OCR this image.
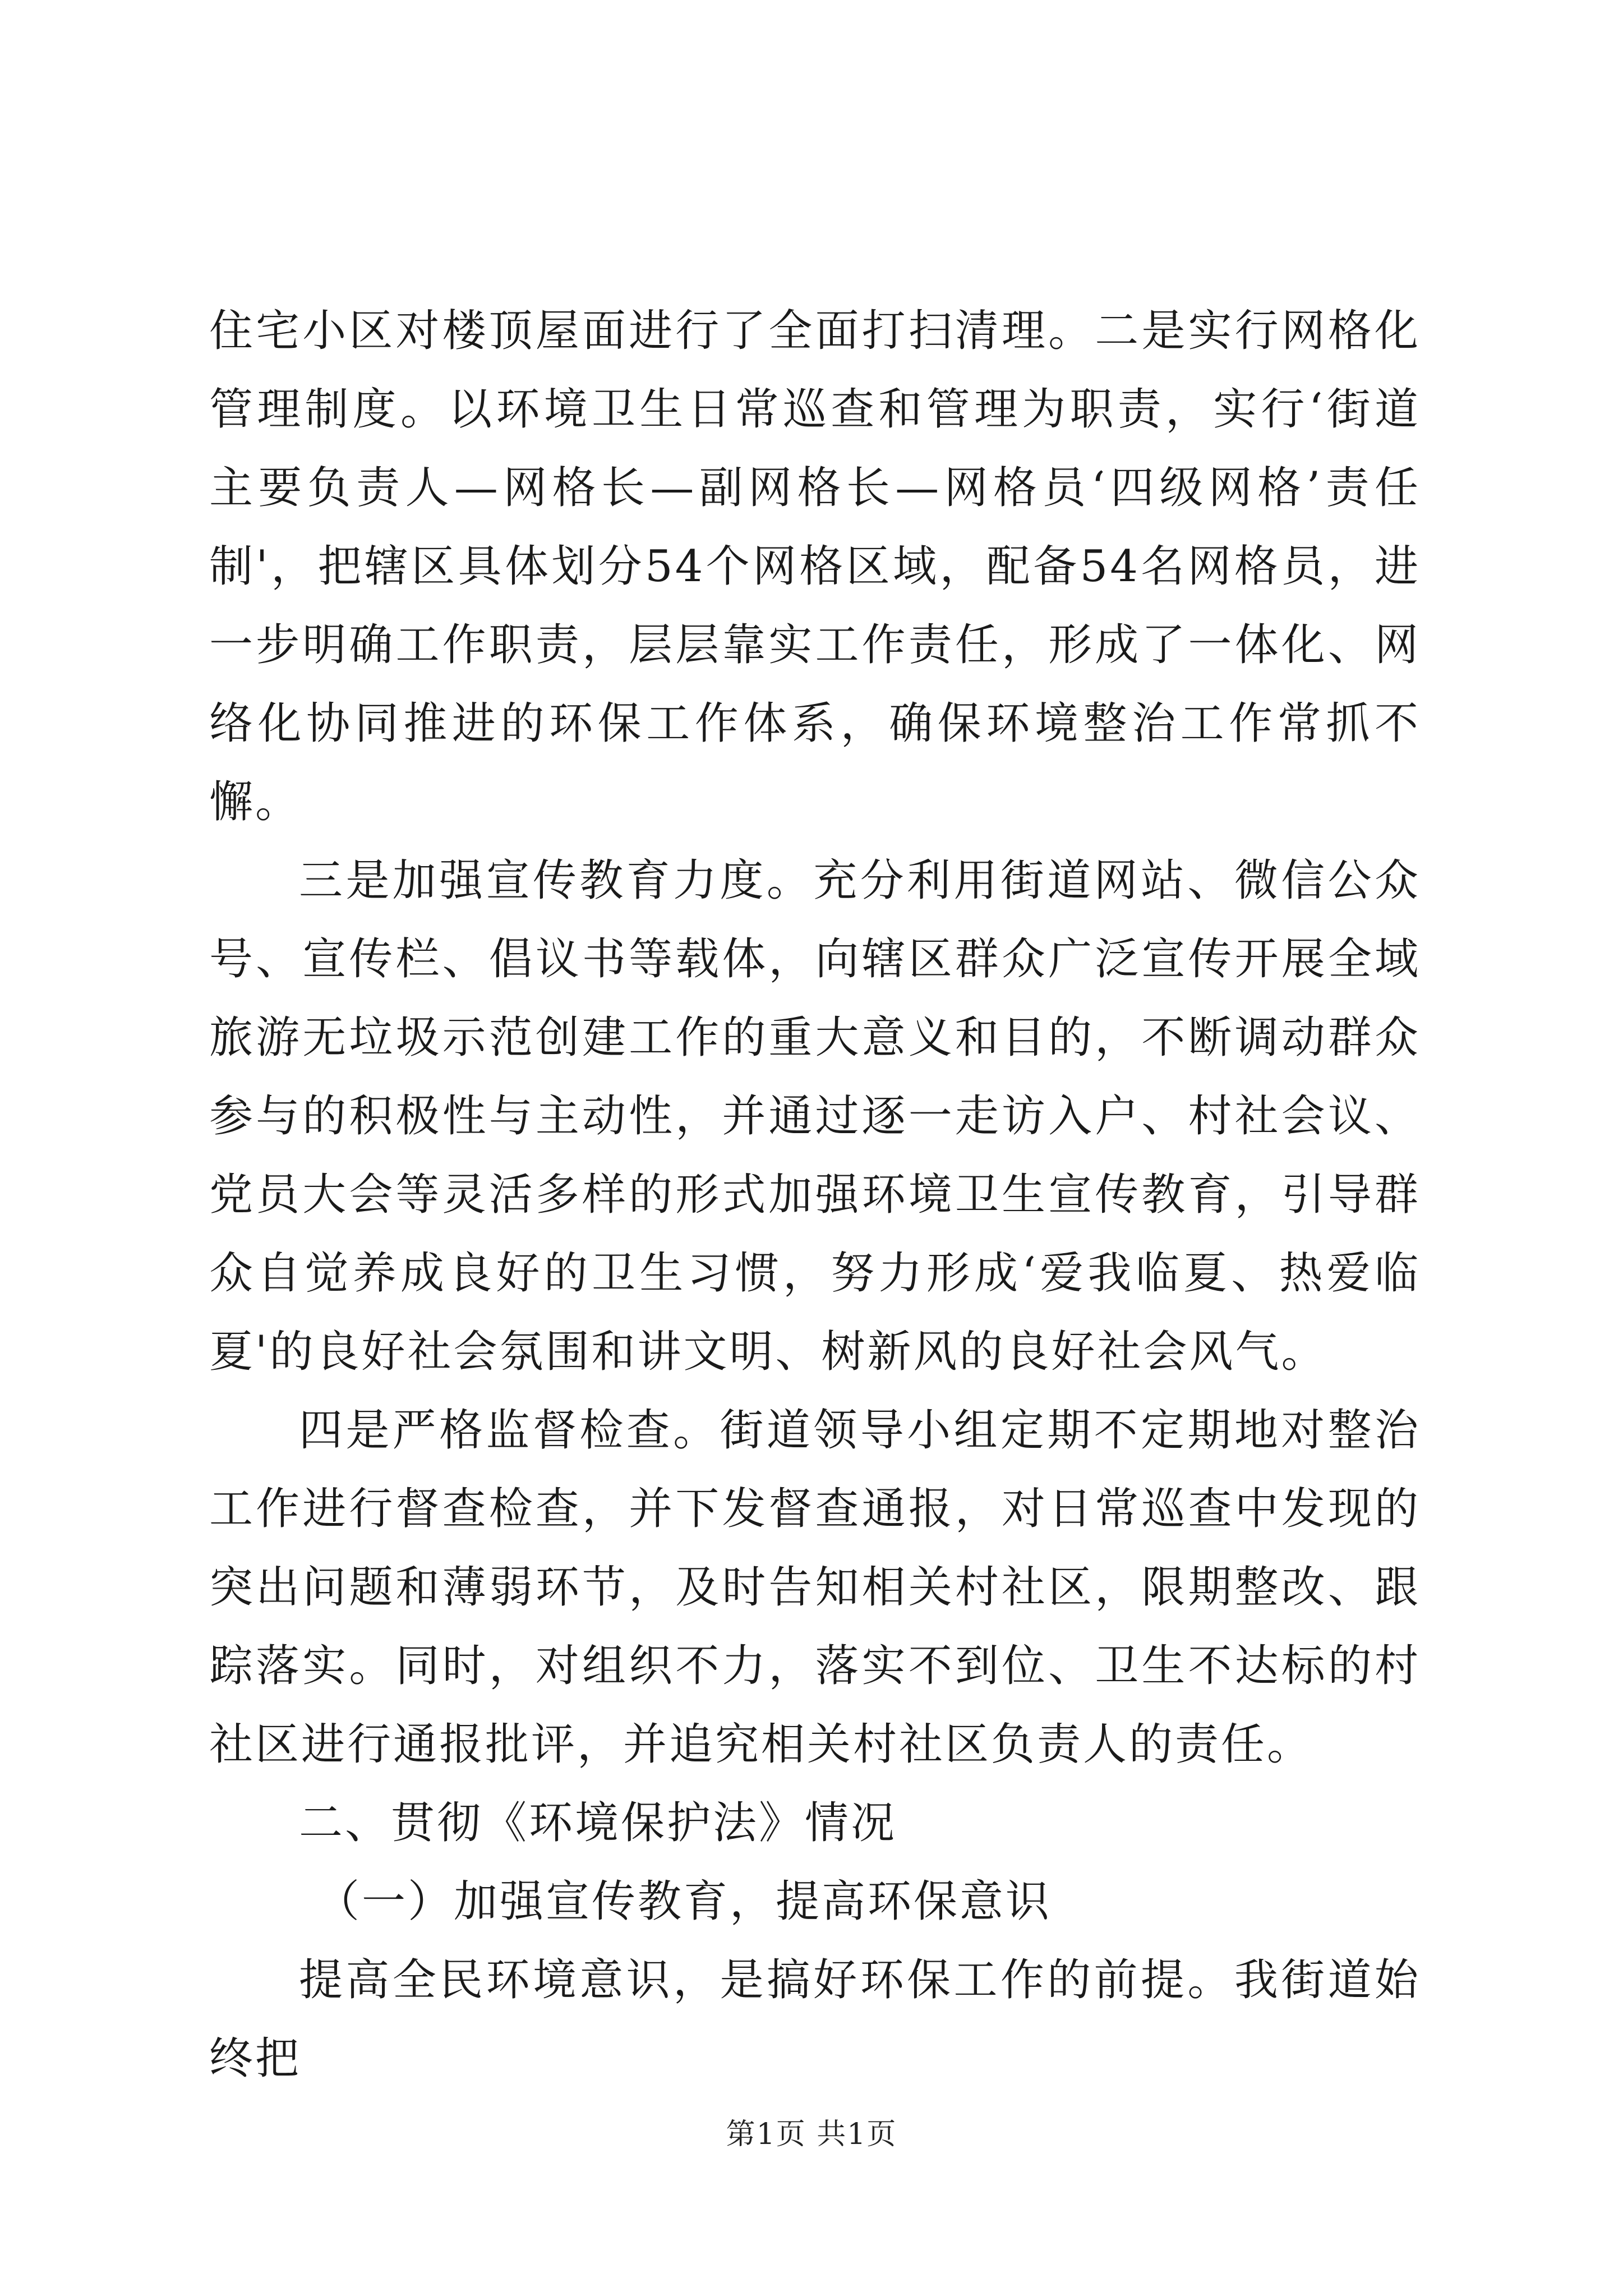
住宅小区对楼顶屋面进行了全面打扫清理。二是实行网格化管理制度。以环境卫生日常巡查和管理为职责，实行‘街道主要负责人—网格长—副网格长—网格员‘四级网格’责任制'，把辖区具体划分54个网格区域，配备54名网格员，进一步明确工作职责，层层靠实工作责任，形成了一体化、网络化协同推进的环保工作体系，确保环境整治工作常抓不懈。

三是加强宣传教育力度。充分利用街道网站、微信公众号、宣传栏、倡议书等载体，向辖区群众广泛宣传开展全域旅游无垃圾示范创建工作的重大意义和目的，不断调动群众参与的积极性与主动性，并通过逐一走访入户、村社会议、党员大会等灵活多样的形式加强环境卫生宣传教育，引导群众自觉养成良好的卫生习惯，努力形成‘爱我临夏、热爱临夏'的良好社会氛围和讲文明、树新风的良好社会风气。

四是严格监督检查。街道领导小组定期不定期地对整治工作进行督查检查，并下发督查通报，对日常巡查中发现的突出问题和薄弱环节，及时告知相关村社区，限期整改、跟踪落实。同时，对组织不力，落实不到位、卫生不达标的村社区进行通报批评，并追究相关村社区负责人的责任。

二、贯彻《环境保护法》情况

（一）加强宣传教育，提高环保意识

提高全民环境意识，是搞好环保工作的前提。我街道始终把

第1页 共1页
